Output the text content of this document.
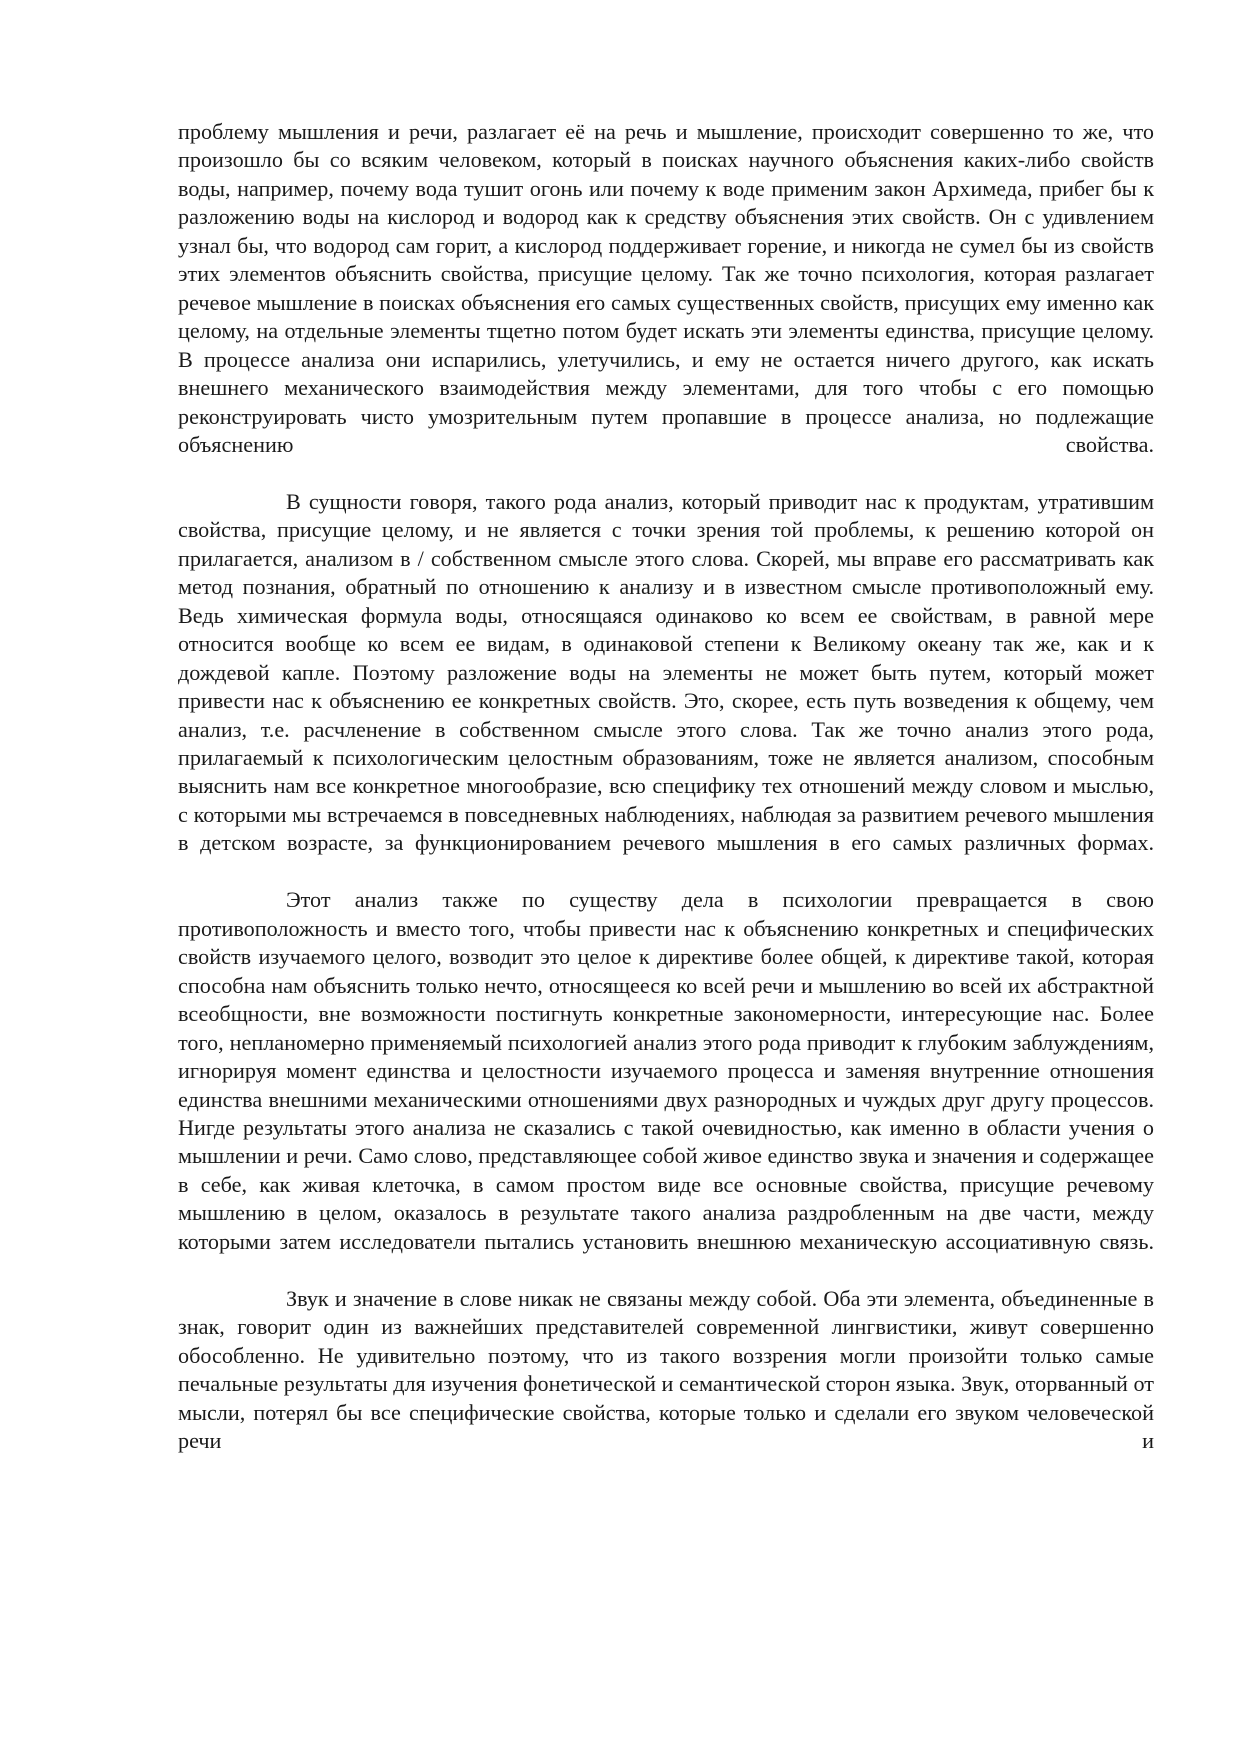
проблему мышления и речи, разлагает её на речь и мышление, происходит совершенно то же, что произошло бы со всяким человеком, который в поисках научного объяснения каких-либо свойств воды, например, почему вода тушит огонь или почему к воде применим закон Архимеда, прибег бы к разложению воды на кислород и водород как к средству объяснения этих свойств. Он с удивлением узнал бы, что водород сам горит, а кислород поддерживает горение, и никогда не сумел бы из свойств этих элементов объяснить свойства, присущие целому. Так же точно психология, которая разлагает речевое мышление в поисках объяснения его самых существенных свойств, присущих ему именно как целому, на отдельные элементы тщетно потом будет искать эти элементы единства, присущие целому. В процессе анализа они испарились, улетучились, и ему не остается ничего другого, как искать внешнего механического взаимодействия между элементами, для того чтобы с его помощью реконструировать чисто умозрительным путем пропавшие в процессе анализа, но подлежащие объяснению свойства.

В сущности говоря, такого рода анализ, который приводит нас к продуктам, утратившим свойства, присущие целому, и не является с точки зрения той проблемы, к решению которой он прилагается, анализом в / собственном смысле этого слова. Скорей, мы вправе его рассматривать как метод познания, обратный по отношению к анализу и в известном смысле противоположный ему. Ведь химическая формула воды, относящаяся одинаково ко всем ее свойствам, в равной мере относится вообще ко всем ее видам, в одинаковой степени к Великому океану так же, как и к дождевой капле. Поэтому разложение воды на элементы не может быть путем, который может привести нас к объяснению ее конкретных свойств. Это, скорее, есть путь возведения к общему, чем анализ, т.е. расчленение в собственном смысле этого слова. Так же точно анализ этого рода, прилагаемый к психологическим целостным образованиям, тоже не является анализом, способным выяснить нам все конкретное многообразие, всю специфику тех отношений между словом и мыслью, с которыми мы встречаемся в повседневных наблюдениях, наблюдая за развитием речевого мышления в детском возрасте, за функционированием речевого мышления в его самых различных формах.

Этот анализ также по существу дела в психологии превращается в свою противоположность и вместо того, чтобы привести нас к объяснению конкретных и специфических свойств изучаемого целого, возводит это целое к директиве более общей, к директиве такой, которая способна нам объяснить только нечто, относящееся ко всей речи и мышлению во всей их абстрактной всеобщности, вне возможности постигнуть конкретные закономерности, интересующие нас. Более того, непланомерно применяемый психологией анализ этого рода приводит к глубоким заблуждениям, игнорируя момент единства и целостности изучаемого процесса и заменяя внутренние отношения единства внешними механическими отношениями двух разнородных и чуждых друг другу процессов. Нигде результаты этого анализа не сказались с такой очевидностью, как именно в области учения о мышлении и речи. Само слово, представляющее собой живое единство звука и значения и содержащее в себе, как живая клеточка, в самом простом виде все основные свойства, присущие речевому мышлению в целом, оказалось в результате такого анализа раздробленным на две части, между которыми затем исследователи пытались установить внешнюю механическую ассоциативную связь.

Звук и значение в слове никак не связаны между собой. Оба эти элемента, объединенные в знак, говорит один из важнейших представителей современной лингвистики, живут совершенно обособленно. Не удивительно поэтому, что из такого воззрения могли произойти только самые печальные результаты для изучения фонетической и семантической сторон языка. Звук, оторванный от мысли, потерял бы все специфические свойства, которые только и сделали его звуком человеческой речи и
